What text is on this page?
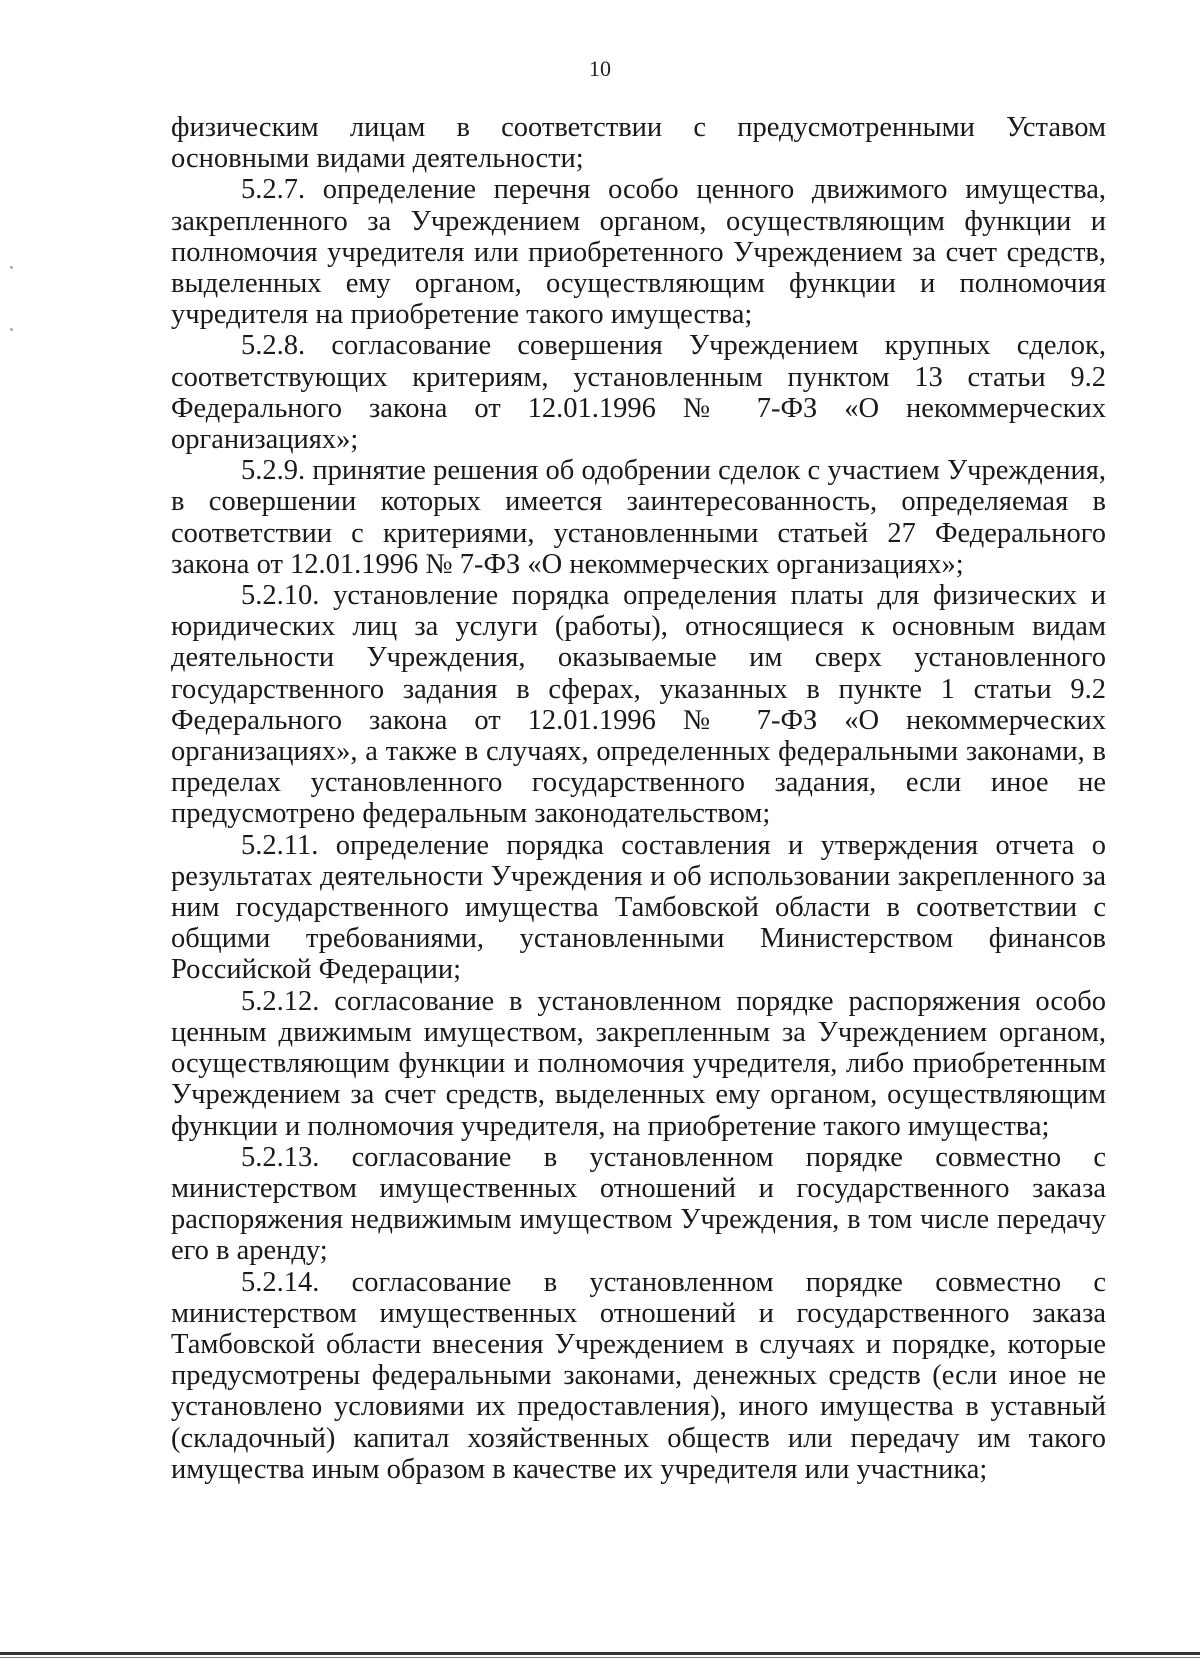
10

физическим лицам в соответствии с предусмотренными Уставом основными видами деятельности;

5.2.7. определение перечня особо ценного движимого имущества, закрепленного за Учреждением органом, осуществляющим функции и полномочия учредителя или приобретенного Учреждением за счет средств, выделенных ему органом, осуществляющим функции и полномочия учредителя на приобретение такого имущества;

5.2.8. согласование совершения Учреждением крупных сделок, соответствующих критериям, установленным пунктом 13 статьи 9.2 Федерального закона от 12.01.1996 № 7-ФЗ «О некоммерческих организациях»;

5.2.9. принятие решения об одобрении сделок с участием Учреждения, в совершении которых имеется заинтересованность, определяемая в соответствии с критериями, установленными статьей 27 Федерального закона от 12.01.1996 № 7-ФЗ «О некоммерческих организациях»;

5.2.10. установление порядка определения платы для физических и юридических лиц за услуги (работы), относящиеся к основным видам деятельности Учреждения, оказываемые им сверх установленного государственного задания в сферах, указанных в пункте 1 статьи 9.2 Федерального закона от 12.01.1996 № 7-ФЗ «О некоммерческих организациях», а также в случаях, определенных федеральными законами, в пределах установленного государственного задания, если иное не предусмотрено федеральным законодательством;

5.2.11. определение порядка составления и утверждения отчета о результатах деятельности Учреждения и об использовании закрепленного за ним государственного имущества Тамбовской области в соответствии с общими требованиями, установленными Министерством финансов Российской Федерации;

5.2.12. согласование в установленном порядке распоряжения особо ценным движимым имуществом, закрепленным за Учреждением органом, осуществляющим функции и полномочия учредителя, либо приобретенным Учреждением за счет средств, выделенных ему органом, осуществляющим функции и полномочия учредителя, на приобретение такого имущества;

5.2.13. согласование в установленном порядке совместно с министерством имущественных отношений и государственного заказа распоряжения недвижимым имуществом Учреждения, в том числе передачу его в аренду;

5.2.14. согласование в установленном порядке совместно с министерством имущественных отношений и государственного заказа Тамбовской области внесения Учреждением в случаях и порядке, которые предусмотрены федеральными законами, денежных средств (если иное не установлено условиями их предоставления), иного имущества в уставный (складочный) капитал хозяйственных обществ или передачу им такого имущества иным образом в качестве их учредителя или участника;
